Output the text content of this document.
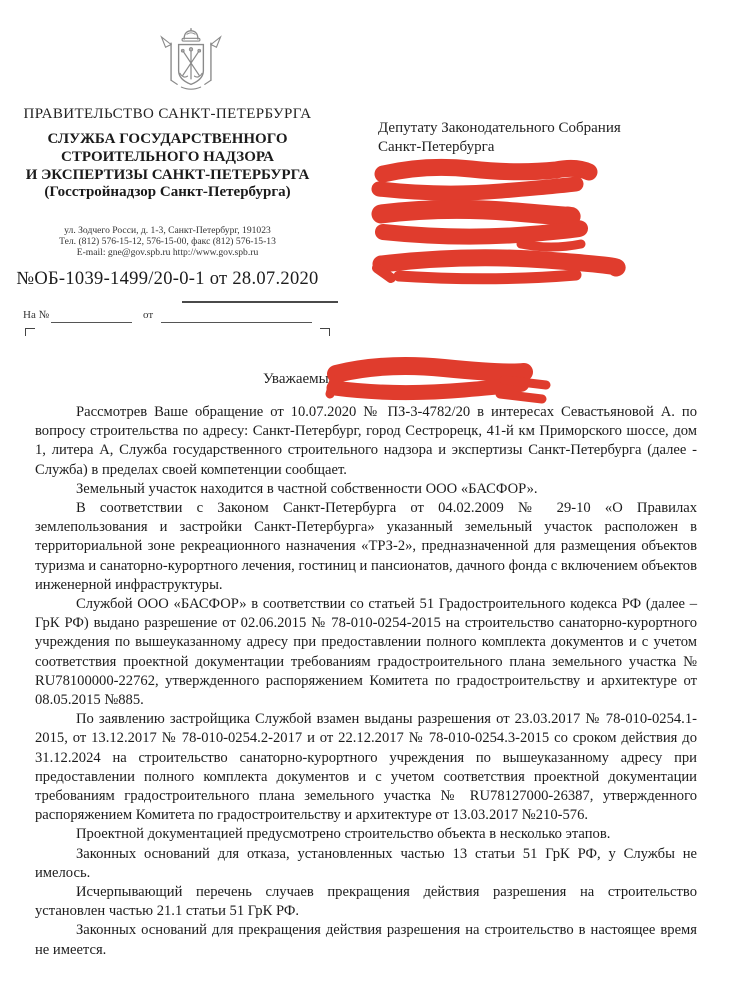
ПРАВИТЕЛЬСТВО САНКТ-ПЕТЕРБУРГА
СЛУЖБА ГОСУДАРСТВЕННОГО
СТРОИТЕЛЬНОГО НАДЗОРА
И ЭКСПЕРТИЗЫ САНКТ-ПЕТЕРБУРГА
(Госстройнадзор Санкт-Петербурга)
ул. Зодчего Росси, д. 1-3, Санкт-Петербург, 191023
Тел. (812) 576-15-12, 576-15-00, факс (812) 576-15-13
E-mail: gne@gov.spb.ru http://www.gov.spb.ru
№ОБ-1039-1499/20-0-1 от 28.07.2020
На №	от
Депутату Законодательного Собрания
Санкт-Петербурга
Уважаемый

Рассмотрев Ваше обращение от 10.07.2020 № ПЗ-3-4782/20 в интересах Севастьяновой А. по вопросу строительства по адресу: Санкт-Петербург, город Сестрорецк, 41-й км Приморского шоссе, дом 1, литера А, Служба государственного строительного надзора и экспертизы Санкт-Петербурга (далее - Служба) в пределах своей компетенции сообщает.

Земельный участок находится в частной собственности ООО «БАСФОР».

В соответствии с Законом Санкт-Петербурга от 04.02.2009 № 29-10 «О Правилах землепользования и застройки Санкт-Петербурга» указанный земельный участок расположен в территориальной зоне рекреационного назначения «ТРЗ-2», предназначенной для размещения объектов туризма и санаторно-курортного лечения, гостиниц и пансионатов, дачного фонда с включением объектов инженерной инфраструктуры.

Службой ООО «БАСФОР» в соответствии со статьей 51 Градостроительного кодекса РФ (далее – ГрК РФ) выдано разрешение от 02.06.2015 № 78-010-0254-2015 на строительство санаторно-курортного учреждения по вышеуказанному адресу при предоставлении полного комплекта документов и с учетом соответствия проектной документации требованиям градостроительного плана земельного участка № RU78100000-22762, утвержденного распоряжением Комитета по градостроительству и архитектуре от 08.05.2015 №885.

По заявлению застройщика Службой взамен выданы разрешения от 23.03.2017 № 78-010-0254.1-2015, от 13.12.2017 № 78-010-0254.2-2017 и от 22.12.2017 № 78-010-0254.3-2015 со сроком действия до 31.12.2024 на строительство санаторно-курортного учреждения по вышеуказанному адресу при предоставлении полного комплекта документов и с учетом соответствия проектной документации требованиям градостроительного плана земельного участка № RU78127000-26387, утвержденного распоряжением Комитета по градостроительству и архитектуре от 13.03.2017 №210-576.

Проектной документацией предусмотрено строительство объекта в несколько этапов.

Законных оснований для отказа, установленных частью 13 статьи 51 ГрК РФ, у Службы не имелось.

Исчерпывающий перечень случаев прекращения действия разрешения на строительство установлен частью 21.1 статьи 51 ГрК РФ.

Законных оснований для прекращения действия разрешения на строительство в настоящее время не имеется.
